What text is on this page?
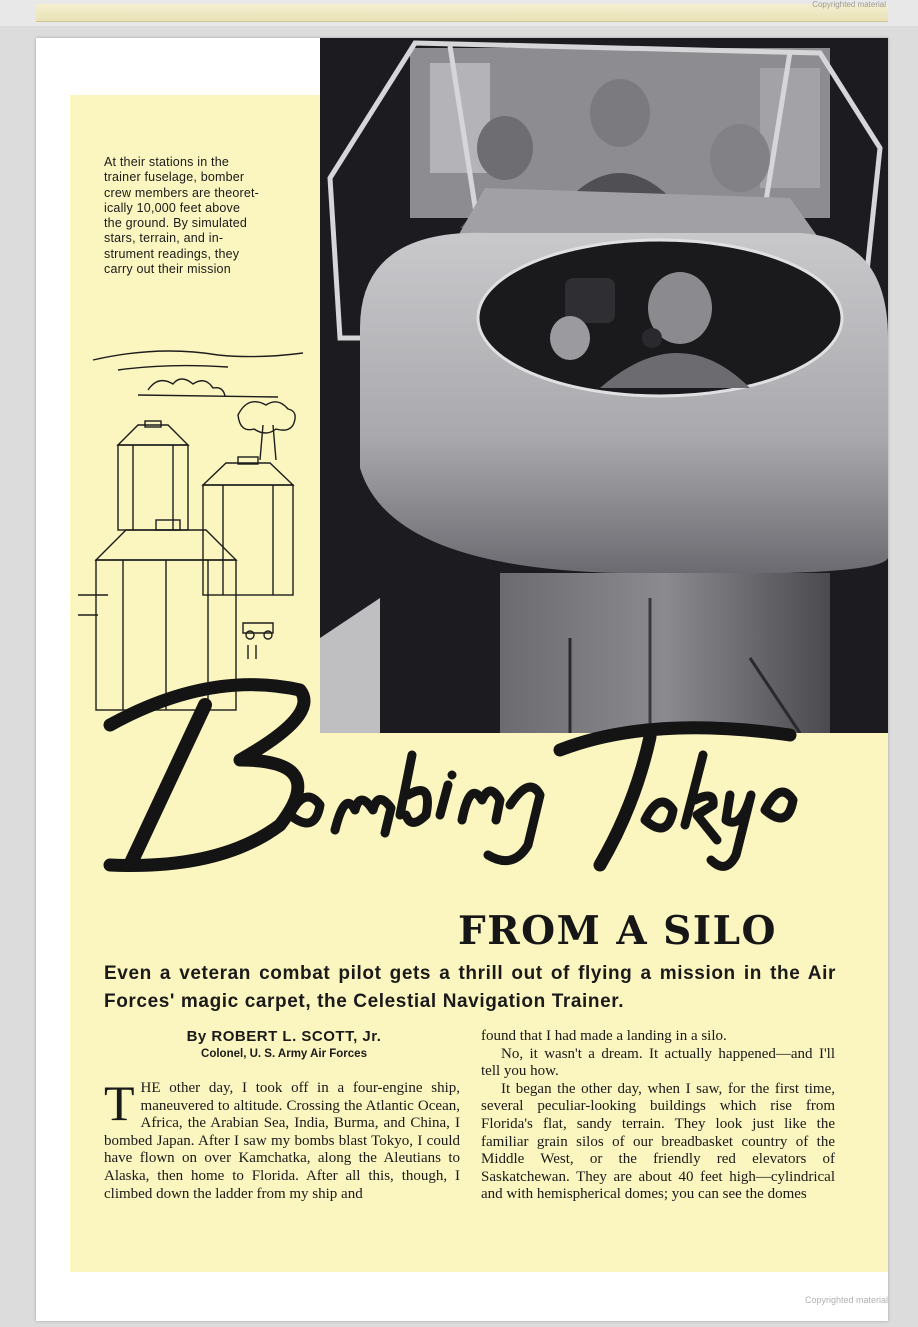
Copyrighted material
At their stations in the
trainer fuselage, bomber
crew members are theoret-
ically 10,000 feet above
the ground. By simulated
stars, terrain, and in-
strument readings, they
carry out their mission
FROM A SILO
Even a veteran combat pilot gets a thrill out of flying a mission in the Air Forces' magic carpet, the Celestial Navigation Trainer.
By ROBERT L. SCOTT, Jr.
Colonel, U. S. Army Air Forces

THE other day, I took off in a four-engine ship, maneuvered to altitude. Crossing the Atlantic Ocean, Africa, the Arabian Sea, India, Burma, and China, I bombed Japan. After I saw my bombs blast Tokyo, I could have flown on over Kamchatka, along the Aleutians to Alaska, then home to Florida. After all this, though, I climbed down the ladder from my ship and

found that I had made a landing in a silo.

No, it wasn't a dream. It actually happened—and I'll tell you how.

It began the other day, when I saw, for the first time, several peculiar-looking buildings which rise from Florida's flat, sandy terrain. They look just like the familiar grain silos of our breadbasket country of the Middle West, or the friendly red elevators of Saskatchewan. They are about 40 feet high—cylindrical and with hemispherical domes; you can see the domes

Copyrighted material
